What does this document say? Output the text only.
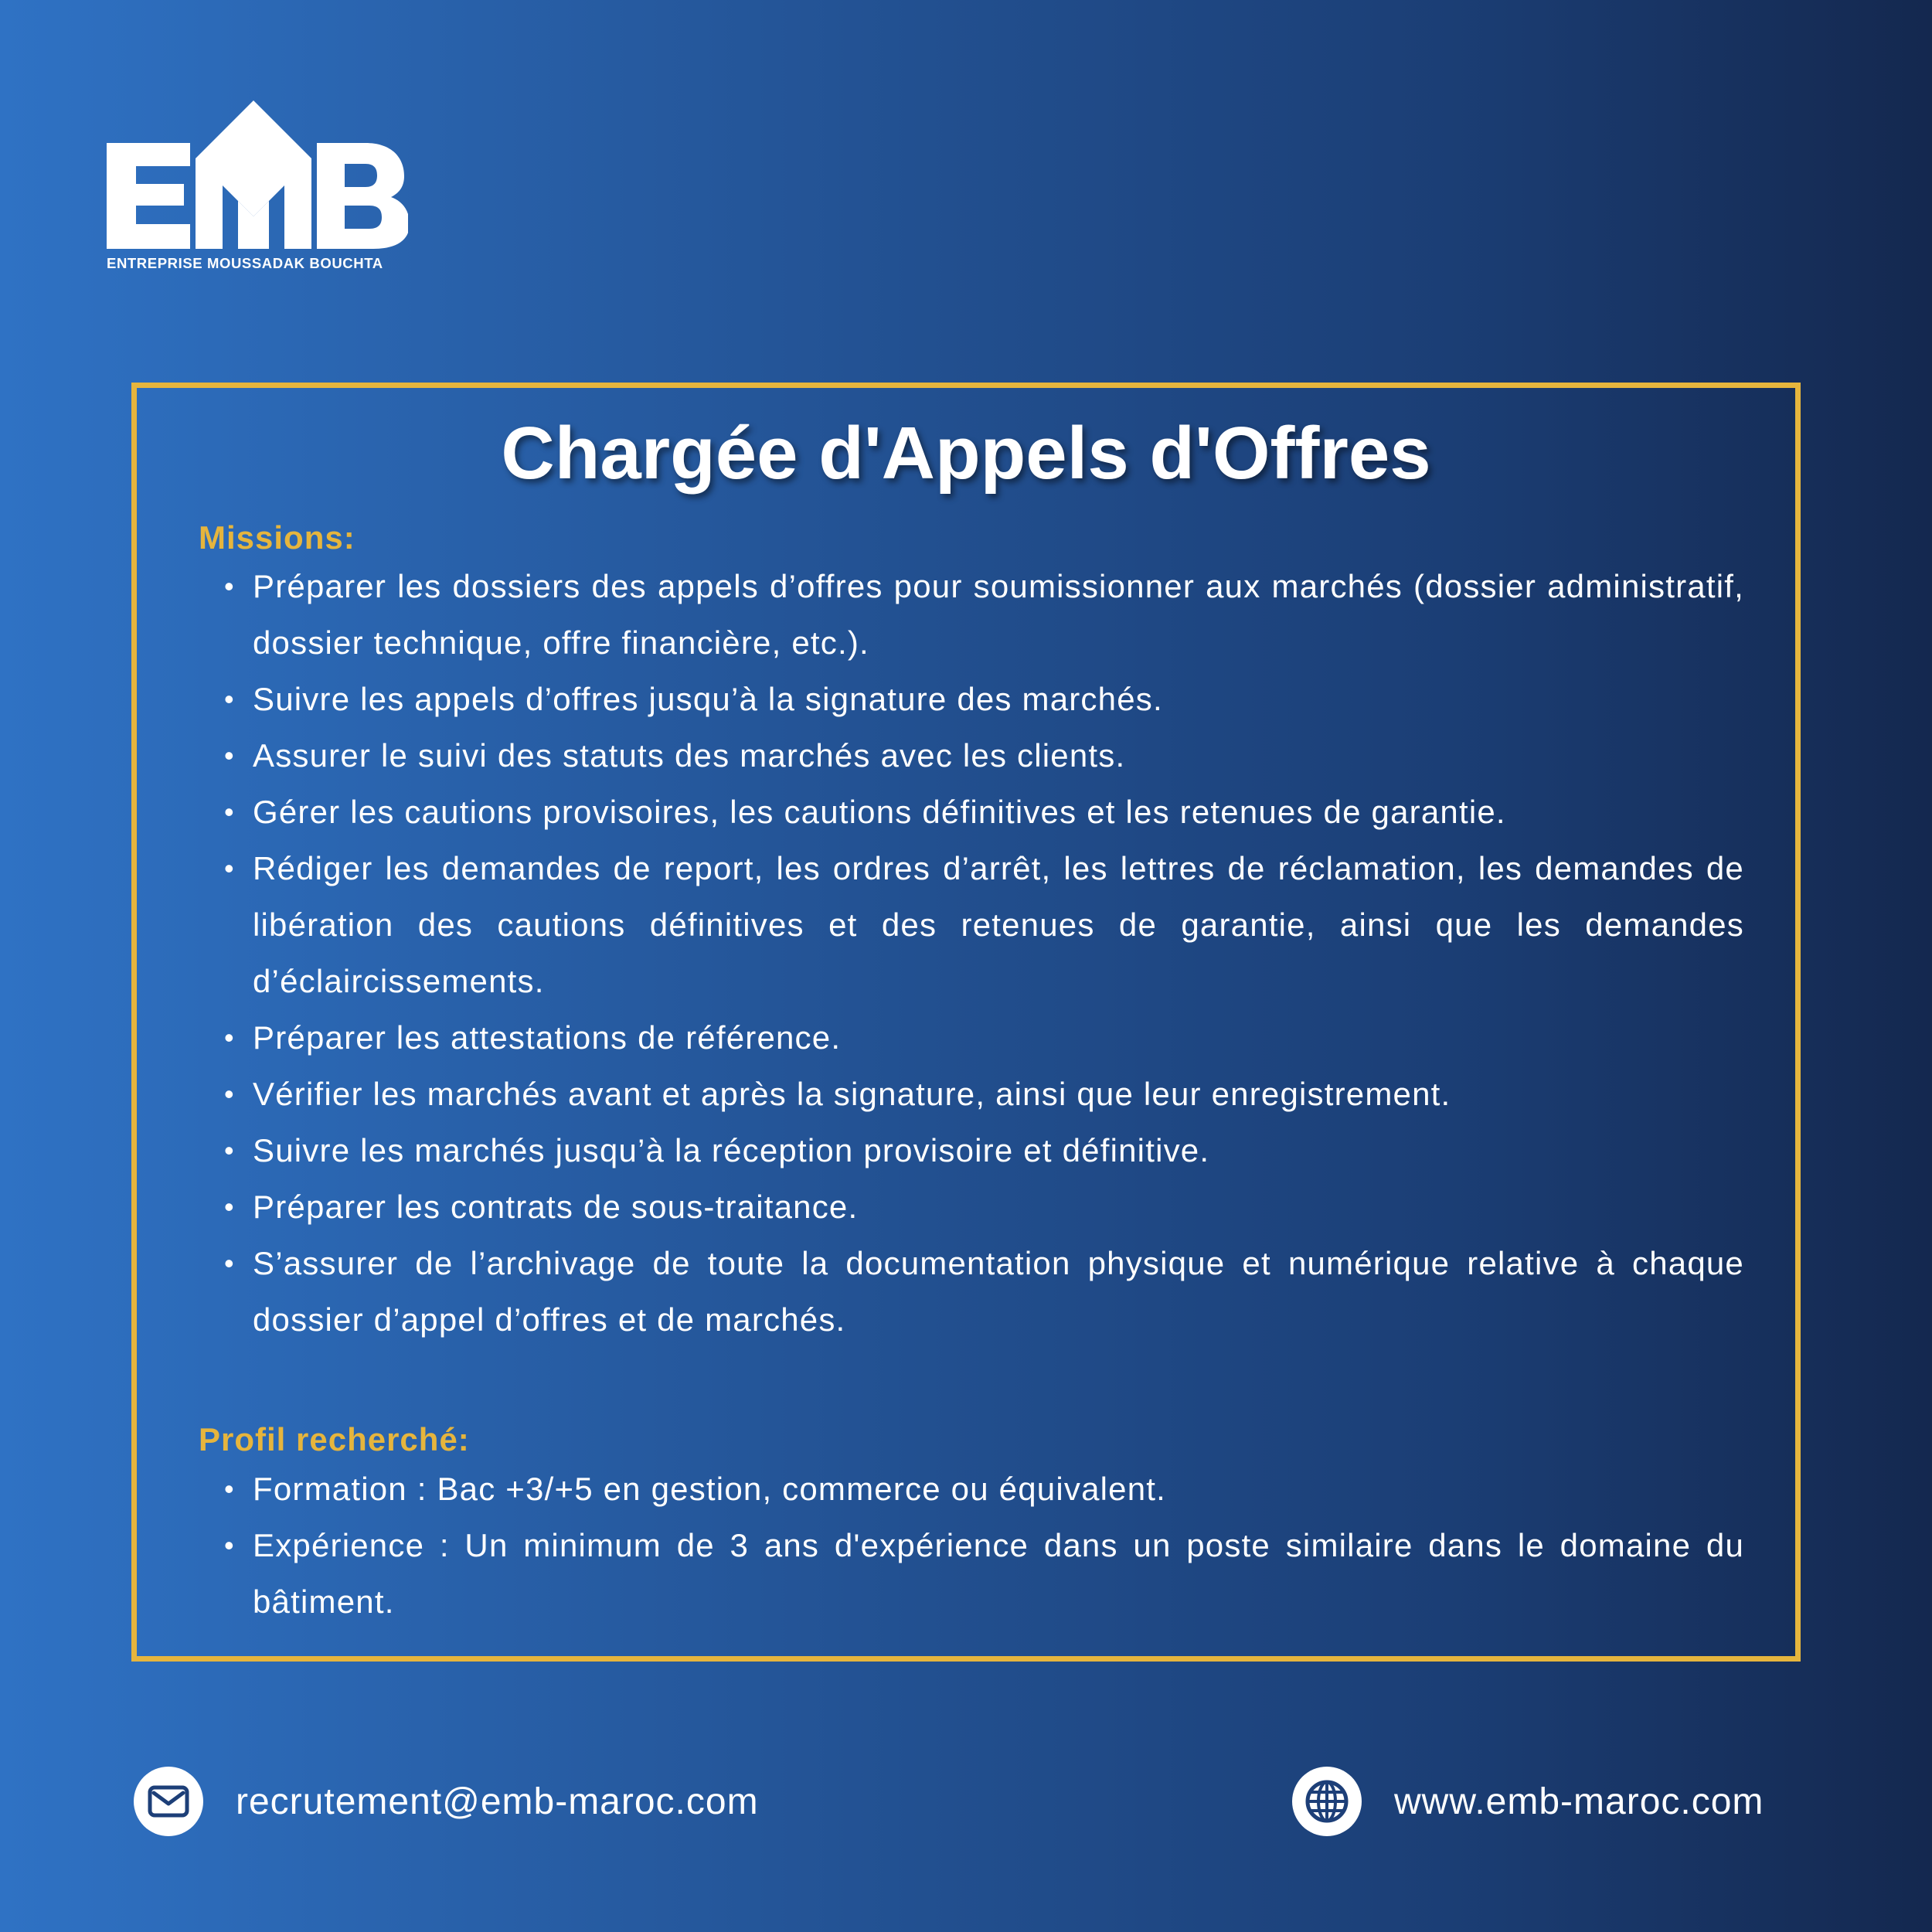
ENTREPRISE MOUSSADAK BOUCHTA
Chargée d'Appels d'Offres
Missions:
• Préparer les dossiers des appels d’offres pour soumissionner aux marchés (dossier administratif, dossier technique, offre financière, etc.).
• Suivre les appels d’offres jusqu’à la signature des marchés.
• Assurer le suivi des statuts des marchés avec les clients.
• Gérer les cautions provisoires, les cautions définitives et les retenues de garantie.
• Rédiger les demandes de report, les ordres d’arrêt, les lettres de réclamation, les demandes de libération des cautions définitives et des retenues de garantie, ainsi que les demandes d’éclaircissements.
• Préparer les attestations de référence.
• Vérifier les marchés avant et après la signature, ainsi que leur enregistrement.
• Suivre les marchés jusqu’à la réception provisoire et définitive.
• Préparer les contrats de sous-traitance.
• S’assurer de l’archivage de toute la documentation physique et numérique relative à chaque dossier d’appel d’offres et de marchés.
Profil recherché:
• Formation : Bac +3/+5 en gestion, commerce ou équivalent.
• Expérience : Un minimum de 3 ans d'expérience dans un poste similaire dans le domaine du bâtiment.
recrutement@emb-maroc.com	www.emb-maroc.com
